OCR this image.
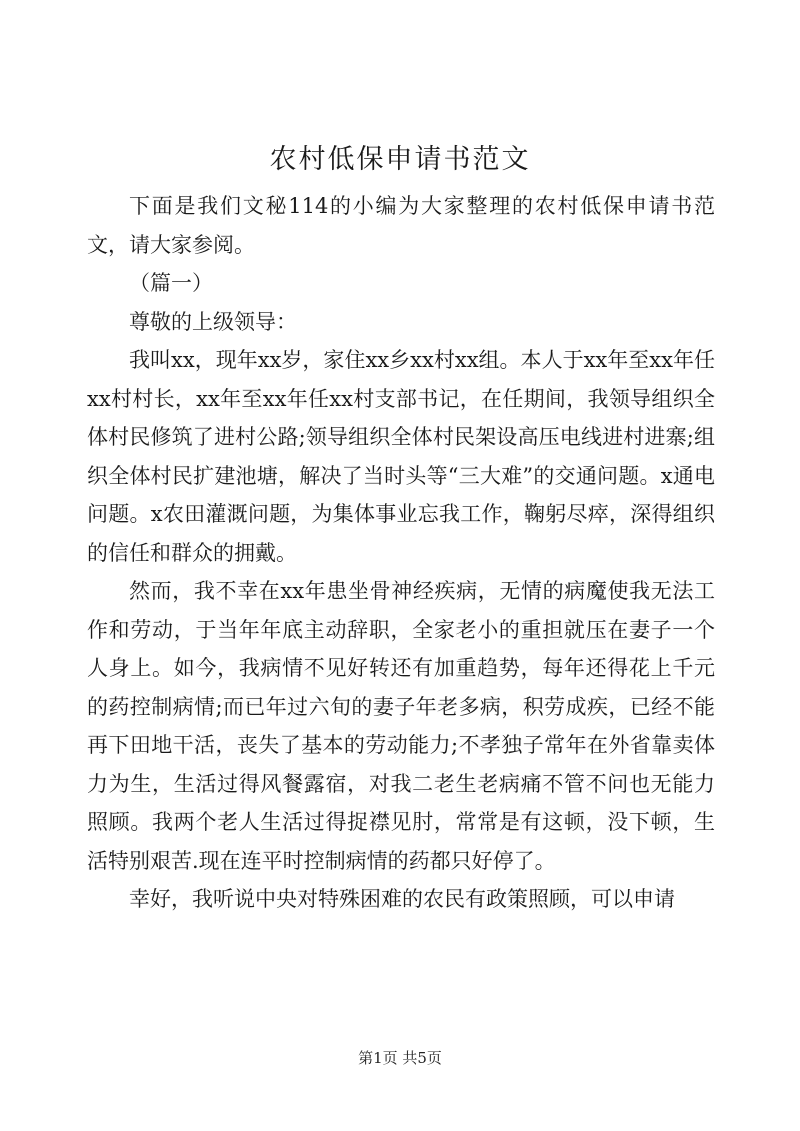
农村低保申请书范文

下面是我们文秘114的小编为大家整理的农村低保申请书范文，请大家参阅。

（篇一）

尊敬的上级领导：

我叫xx，现年xx岁，家住xx乡xx村xx组。本人于xx年至xx年任xx村村长，xx年至xx年任xx村支部书记，在任期间，我领导组织全体村民修筑了进村公路;领导组织全体村民架设高压电线进村进寨;组织全体村民扩建池塘，解决了当时头等“三大难”的交通问题。x通电问题。x农田灌溉问题，为集体事业忘我工作，鞠躬尽瘁，深得组织的信任和群众的拥戴。

然而，我不幸在xx年患坐骨神经疾病，无情的病魔使我无法工作和劳动，于当年年底主动辞职，全家老小的重担就压在妻子一个人身上。如今，我病情不见好转还有加重趋势，每年还得花上千元的药控制病情;而已年过六旬的妻子年老多病，积劳成疾，已经不能再下田地干活，丧失了基本的劳动能力;不孝独子常年在外省靠卖体力为生，生活过得风餐露宿，对我二老生老病痛不管不问也无能力照顾。我两个老人生活过得捉襟见肘，常常是有这顿，没下顿，生活特别艰苦.现在连平时控制病情的药都只好停了。

幸好，我听说中央对特殊困难的农民有政策照顾，可以申请

第1页 共5页
